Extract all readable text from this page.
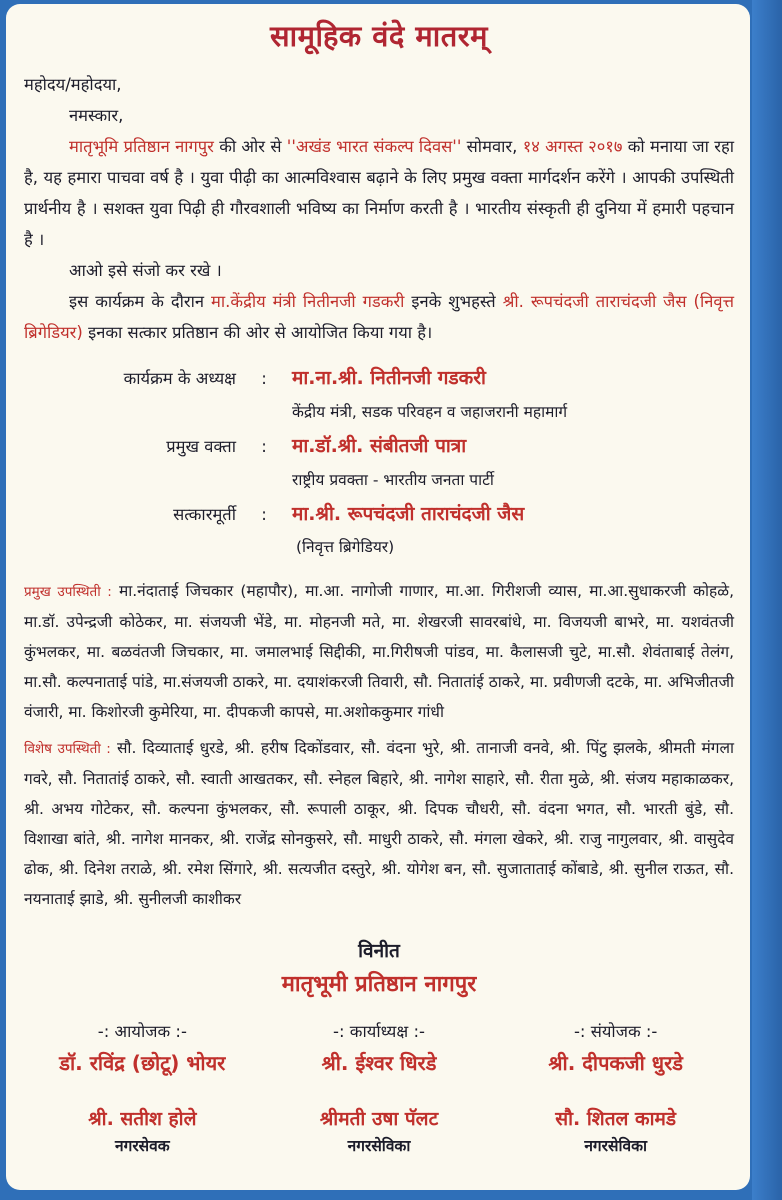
सामूहिक वंदे मातरम्

महोदय/महोदया,

नमस्कार,

मातृभूमि प्रतिष्ठान नागपुर की ओर से ''अखंड भारत संकल्प दिवस'' सोमवार, १४ अगस्त २०१७ को मनाया जा रहा है, यह हमारा पाचवा वर्ष है । युवा पीढ़ी का आत्मविश्वास बढ़ाने के लिए प्रमुख वक्ता मार्गदर्शन करेंगे । आपकी उपस्थिती प्रार्थनीय है । सशक्त युवा पिढ़ी ही गौरवशाली भविष्य का निर्माण करती है । भारतीय संस्कृती ही दुनिया में हमारी पहचान है ।

आओ इसे संजो कर रखे ।

इस कार्यक्रम के दौरान मा.केंद्रीय मंत्री नितीनजी गडकरी इनके शुभहस्ते श्री. रूपचंदजी ताराचंदजी जैस (निवृत्त ब्रिगेडियर) इनका सत्कार प्रतिष्ठान की ओर से आयोजित किया गया है।

कार्यक्रम के अध्यक्ष	:	मा.ना.श्री. नितीनजी गडकरी
केंद्रीय मंत्री, सडक परिवहन व जहाजरानी महामार्ग
प्रमुख वक्ता	:	मा.डॉ.श्री. संबीतजी पात्रा
राष्ट्रीय प्रवक्ता - भारतीय जनता पार्टी
सत्कारमूर्ती	:	मा.श्री. रूपचंदजी ताराचंदजी जैस
(निवृत्त ब्रिगेडियर)

प्रमुख उपस्थिती : मा.नंदाताई जिचकार (महापौर), मा.आ. नागोजी गाणार, मा.आ. गिरीशजी व्यास, मा.आ.सुधाकरजी कोहळे, मा.डॉ. उपेन्द्रजी कोठेकर, मा. संजयजी भेंडे, मा. मोहनजी मते, मा. शेखरजी सावरबांधे, मा. विजयजी बाभरे, मा. यशवंतजी कुंभलकर, मा. बळवंतजी जिचकार, मा. जमालभाई सिद्दीकी, मा.गिरीषजी पांडव, मा. कैलासजी चुटे, मा.सौ. शेवंताबाई तेलंग, मा.सौ. कल्पनाताई पांडे, मा.संजयजी ठाकरे, मा. दयाशंकरजी तिवारी, सौ. नितातांई ठाकरे, मा. प्रवीणजी दटके, मा. अभिजीतजी वंजारी, मा. किशोरजी कुमेरिया, मा. दीपकजी कापसे, मा.अशोककुमार गांधी

विशेष उपस्थिती : सौ. दिव्याताई धुरडे, श्री. हरीष दिकोंडवार, सौ. वंदना भुरे, श्री. तानाजी वनवे, श्री. पिंटु झलके, श्रीमती मंगला गवरे, सौ. नितातांई ठाकरे, सौ. स्वाती आखतकर, सौ. स्नेहल बिहारे, श्री. नागेश साहारे, सौ. रीता मुळे, श्री. संजय महाकाळकर, श्री. अभय गोटेकर, सौ. कल्पना कुंभलकर, सौ. रूपाली ठाकूर, श्री. दिपक चौधरी, सौ. वंदना भगत, सौ. भारती बुंडे, सौ. विशाखा बांते, श्री. नागेश मानकर, श्री. राजेंद्र सोनकुसरे, सौ. माधुरी ठाकरे, सौ. मंगला खेकरे, श्री. राजु नागुलवार, श्री. वासुदेव ढोक, श्री. दिनेश तराळे, श्री. रमेश सिंगारे, श्री. सत्यजीत दस्तुरे, श्री. योगेश बन, सौ. सुजाताताई कोंबाडे, श्री. सुनील राऊत, सौ. नयनाताई झाडे, श्री. सुनीलजी काशीकर

विनीत
मातृभूमी प्रतिष्ठान नागपुर
-: आयोजक :-
डॉ. रविंद्र (छोटू) भोयर
श्री. सतीश होले
नगरसेवक
-: कार्याध्यक्ष :-
श्री. ईश्वर धिरडे
श्रीमती उषा पॅलट
नगरसेविका
-: संयोजक :-
श्री. दीपकजी धुरडे
सौ. शितल कामडे
नगरसेविका
